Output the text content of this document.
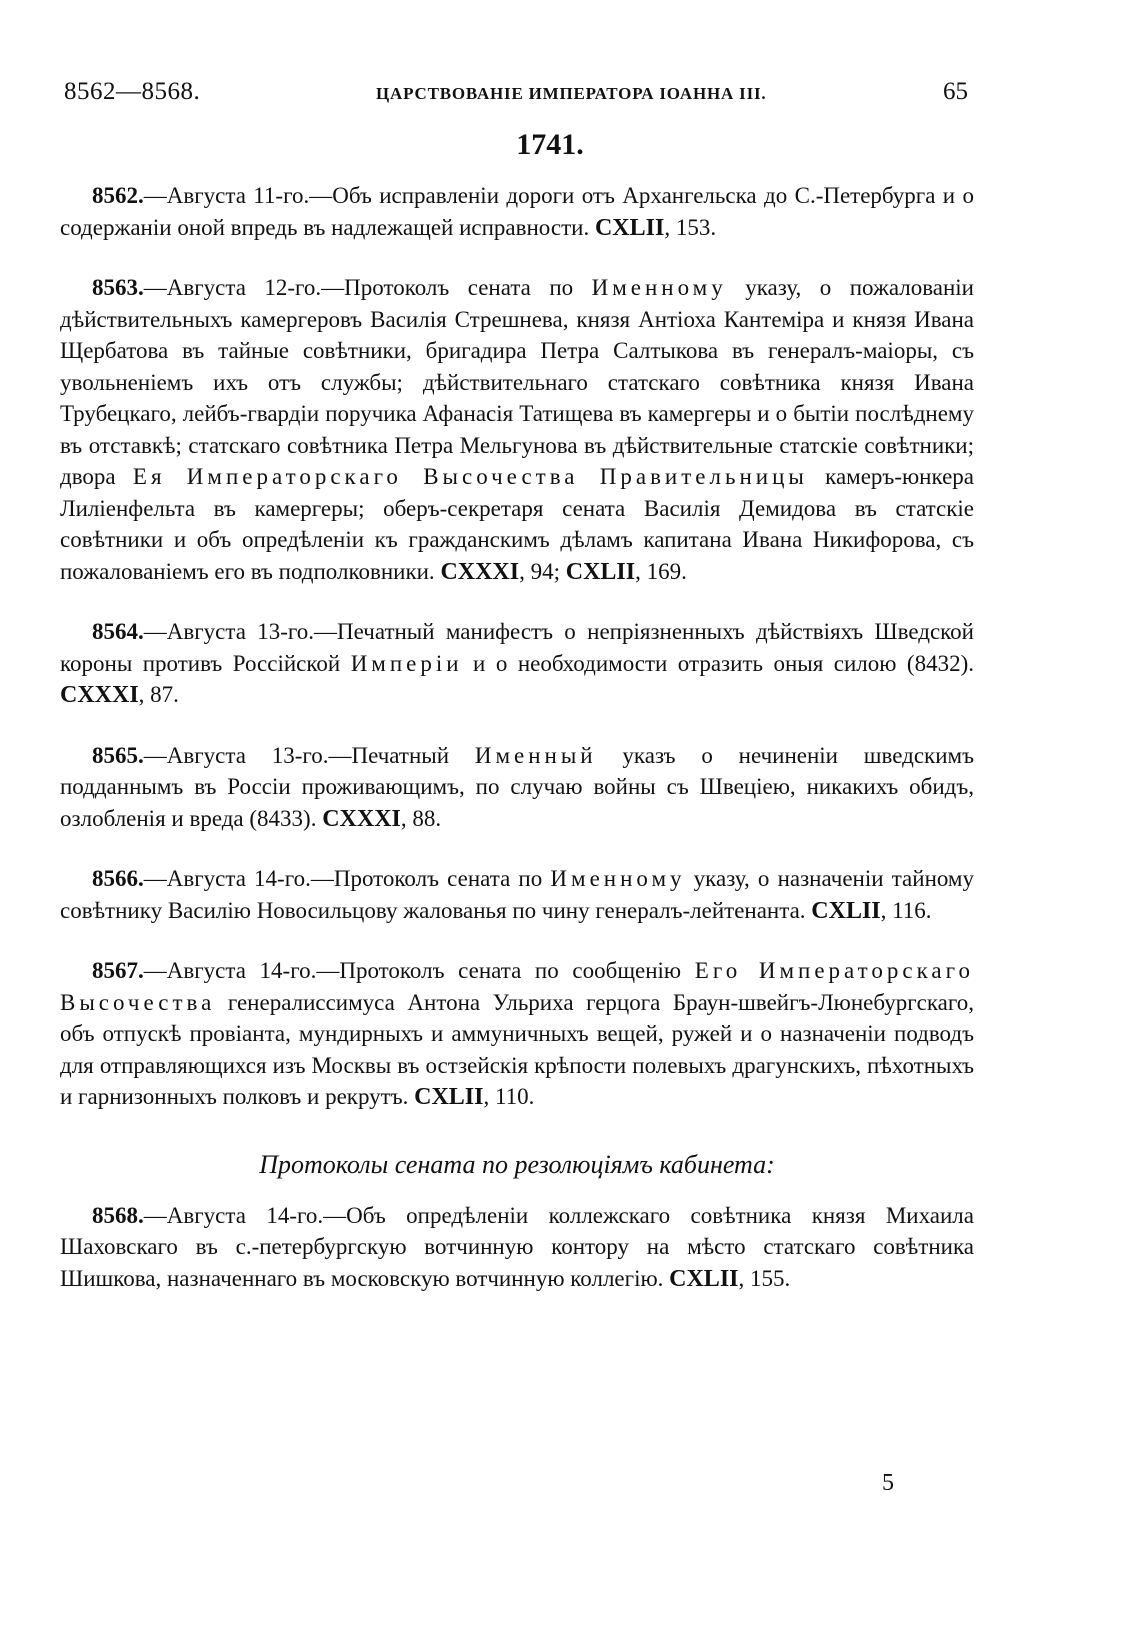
8562—8568.	ЦАРСТВОВАНІЕ ИМПЕРАТОРА ІОАННА III.	65
1741.

8562.—Августа 11-го.—Объ исправленіи дороги отъ Архангельска до С.-Петербурга и о содержаніи оной впредь въ надлежащей исправности. CXLII, 153.

8563.—Августа 12-го.—Протоколъ сената по Именному указу, о пожалованіи дѣйствительныхъ камергеровъ Василія Стрешнева, князя Антіоха Кантеміра и князя Ивана Щербатова въ тайные совѣтники, бригадира Петра Салтыкова въ генералъ-маіоры, съ увольненіемъ ихъ отъ службы; дѣйствительнаго статскаго совѣтника князя Ивана Трубецкаго, лейбъ-гвардіи поручика Афанасія Татищева въ камергеры и о бытіи послѣднему въ отставкѣ; статскаго совѣтника Петра Мельгунова въ дѣйствительные статскіе совѣтники; двора Ея Императорскаго Высочества Правительницы камеръ-юнкера Лиліенфельта въ камергеры; оберъ-секретаря сената Василія Демидова въ статскіе совѣтники и объ опредѣленіи къ гражданскимъ дѣламъ капитана Ивана Никифорова, съ пожалованіемъ его въ подполковники. CXXXI, 94; CXLII, 169.

8564.—Августа 13-го.—Печатный манифестъ о непріязненныхъ дѣйствіяхъ Шведской короны противъ Россійской Имперіи и о необходимости отразить оныя силою (8432). CXXXI, 87.

8565.—Августа 13-го.—Печатный Именный указъ о нечиненіи шведскимъ подданнымъ въ Россіи проживающимъ, по случаю войны съ Швеціею, никакихъ обидъ, озлобленія и вреда (8433). CXXXI, 88.

8566.—Августа 14-го.—Протоколъ сената по Именному указу, о назначеніи тайному совѣтнику Василію Новосильцову жалованья по чину генералъ-лейтенанта. CXLII, 116.

8567.—Августа 14-го.—Протоколъ сената по сообщенію Его Императорскаго Высочества генералиссимуса Антона Ульриха герцога Браун-швейгъ-Люнебургскаго, объ отпускѣ провіанта, мундирныхъ и аммуничныхъ вещей, ружей и о назначеніи подводъ для отправляющихся изъ Москвы въ остзейскія крѣпости полевыхъ драгунскихъ, пѣхотныхъ и гарнизонныхъ полковъ и рекрутъ. CXLII, 110.

Протоколы сената по резолюціямъ кабинета:

8568.—Августа 14-го.—Объ опредѣленіи коллежскаго совѣтника князя Михаила Шаховскаго въ с.-петербургскую вотчинную контору на мѣсто статскаго совѣтника Шишкова, назначеннаго въ московскую вотчинную коллегію. CXLII, 155.

5
